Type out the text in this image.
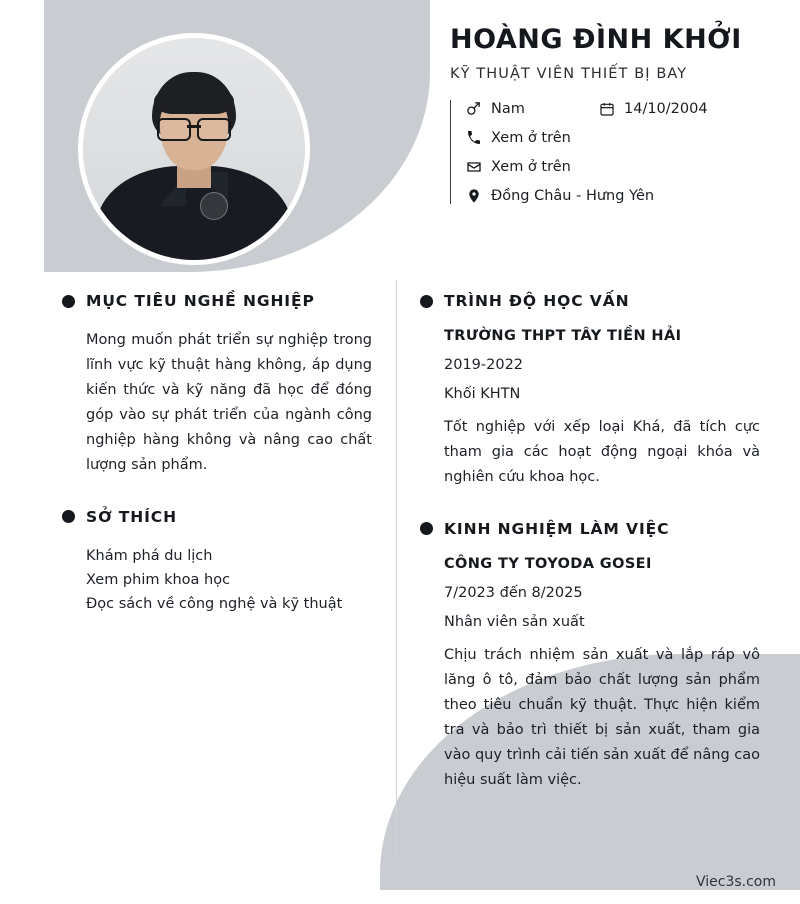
HOÀNG ĐÌNH KHỞI
KỸ THUẬT VIÊN THIẾT BỊ BAY
Nam	14/10/2004
Xem ở trên
Xem ở trên
Đồng Châu - Hưng Yên
MỤC TIÊU NGHỀ NGHIỆP
Mong muốn phát triển sự nghiệp trong lĩnh vực kỹ thuật hàng không, áp dụng kiến thức và kỹ năng đã học để đóng góp vào sự phát triển của ngành công nghiệp hàng không và nâng cao chất lượng sản phẩm.
SỞ THÍCH
Khám phá du lịch
Xem phim khoa học
Đọc sách về công nghệ và kỹ thuật
TRÌNH ĐỘ HỌC VẤN
TRƯỜNG THPT TÂY TIỀN HẢI
2019-2022
Khối KHTN
Tốt nghiệp với xếp loại Khá, đã tích cực tham gia các hoạt động ngoại khóa và nghiên cứu khoa học.
KINH NGHIỆM LÀM VIỆC
CÔNG TY TOYODA GOSEI
7/2023 đến 8/2025
Nhân viên sản xuất
Chịu trách nhiệm sản xuất và lắp ráp vô lăng ô tô, đảm bảo chất lượng sản phẩm theo tiêu chuẩn kỹ thuật. Thực hiện kiểm tra và bảo trì thiết bị sản xuất, tham gia vào quy trình cải tiến sản xuất để nâng cao hiệu suất làm việc.
Viec3s.com
